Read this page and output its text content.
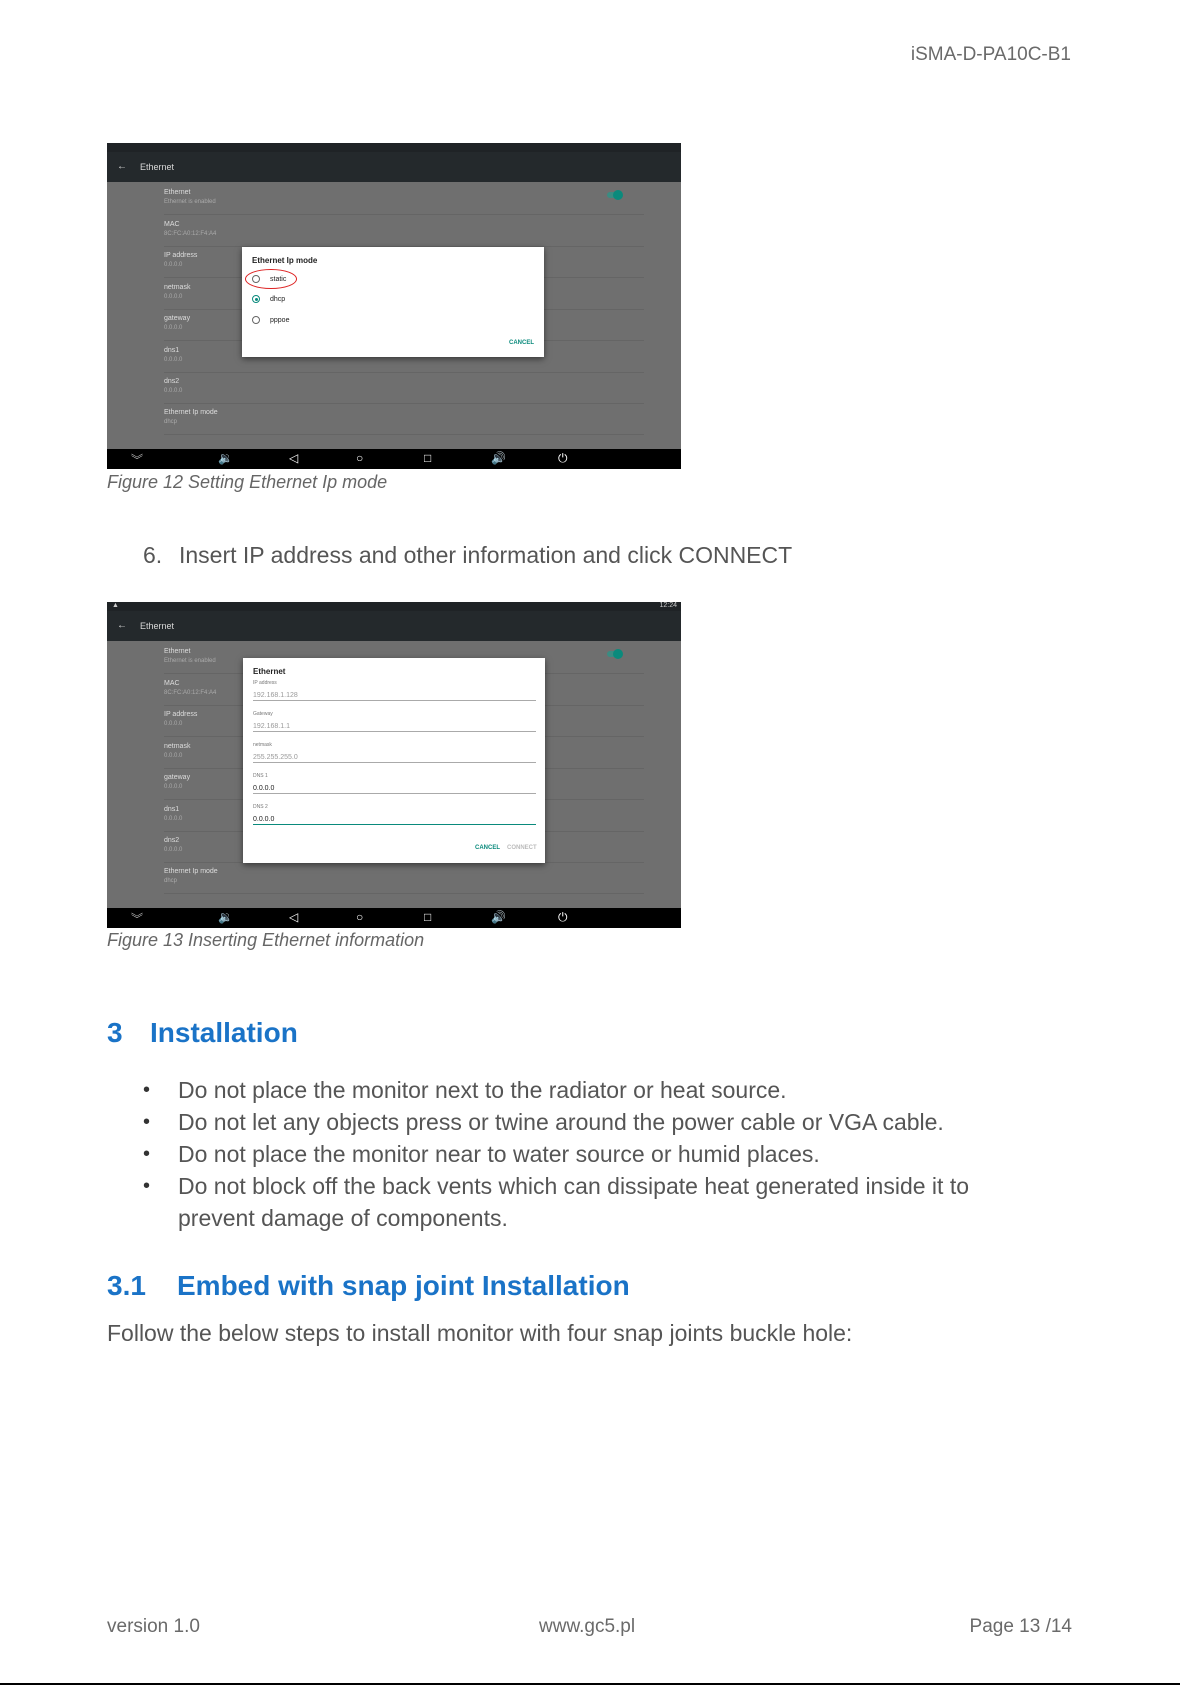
iSMA-D-PA10C-B1
← Ethernet
Ethernet
Ethernet is enabled
MAC
8C:FC:A0:12:F4:A4
IP address
0.0.0.0
netmask
0.0.0.0
gateway
0.0.0.0
dns1
0.0.0.0
dns2
0.0.0.0
Ethernet Ip mode
dhcp
Ethernet Ip mode
static
dhcp
pppoe
CANCEL
︾	🔉	◁	○	□	🔊	⏻
Figure 12 Setting Ethernet Ip mode
6. Insert IP address and other information and click CONNECT
▲	12:24
← Ethernet
Ethernet
Ethernet is enabled
MAC
8C:FC:A0:12:F4:A4
IP address
0.0.0.0
netmask
0.0.0.0
gateway
0.0.0.0
dns1
0.0.0.0
dns2
0.0.0.0
Ethernet Ip mode
dhcp
Ethernet
IP address
192.168.1.128
Gateway
192.168.1.1
netmask
255.255.255.0
DNS 1
0.0.0.0
DNS 2
0.0.0.0
CANCEL CONNECT
︾	🔉	◁	○	□	🔊	⏻
Figure 13 Inserting Ethernet information
3 Installation
• Do not place the monitor next to the radiator or heat source.
• Do not let any objects press or twine around the power cable or VGA cable.
• Do not place the monitor near to water source or humid places.
• Do not block off the back vents which can dissipate heat generated inside it to prevent damage of components.
3.1 Embed with snap joint Installation
Follow the below steps to install monitor with four snap joints buckle hole:
version 1.0	www.gc5.pl	Page 13 /14
